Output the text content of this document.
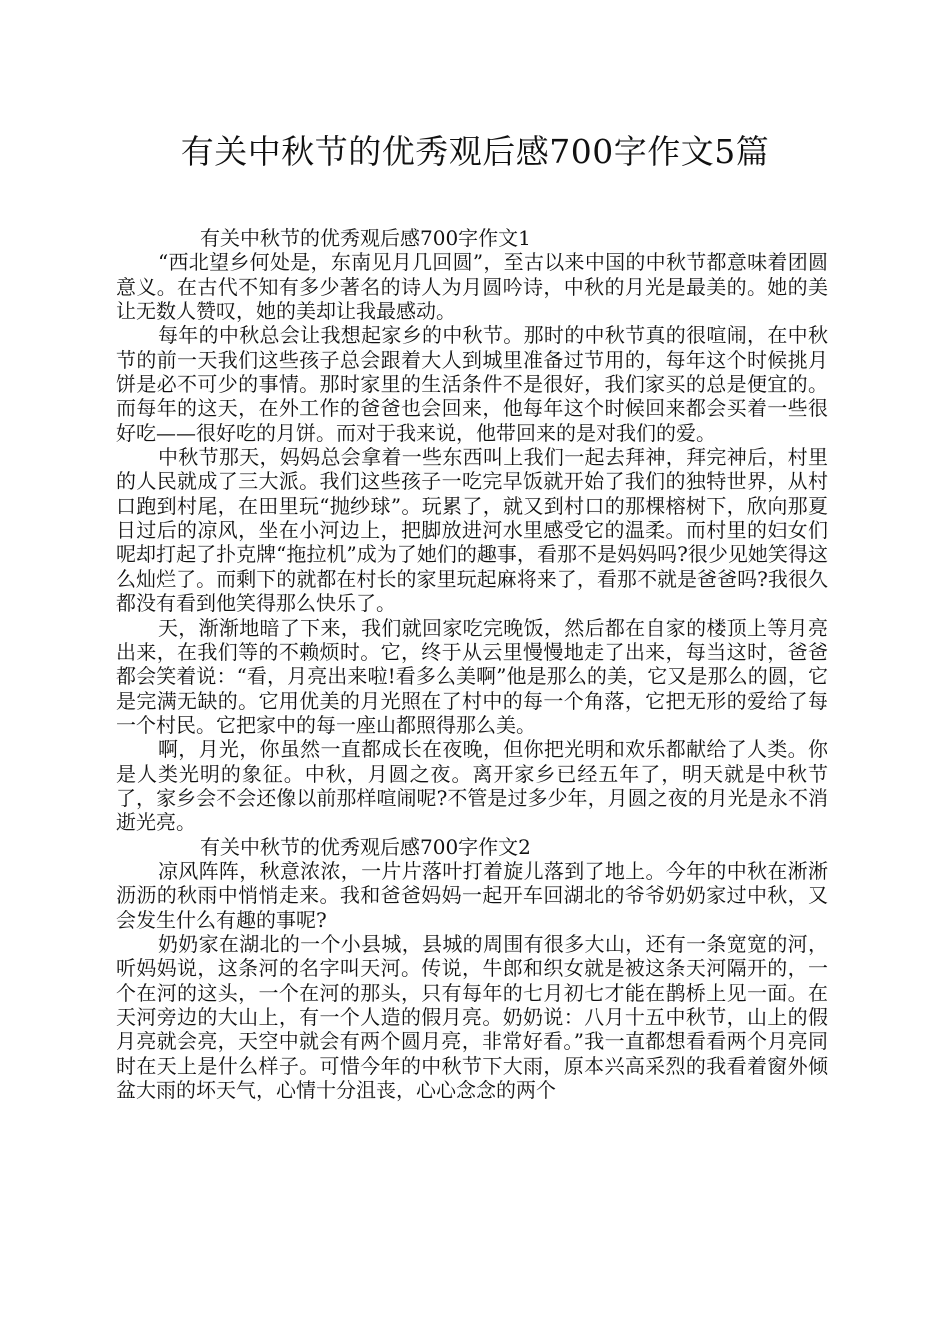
有关中秋节的优秀观后感700字作文5篇

有关中秋节的优秀观后感700字作文1

“西北望乡何处是，东南见月几回圆”，至古以来中国的中秋节都意味着团圆意义。在古代不知有多少著名的诗人为月圆吟诗，中秋的月光是最美的。她的美让无数人赞叹，她的美却让我最感动。

每年的中秋总会让我想起家乡的中秋节。那时的中秋节真的很喧闹，在中秋节的前一天我们这些孩子总会跟着大人到城里准备过节用的，每年这个时候挑月饼是必不可少的事情。那时家里的生活条件不是很好，我们家买的总是便宜的。而每年的这天，在外工作的爸爸也会回来，他每年这个时候回来都会买着一些很好吃——很好吃的月饼。而对于我来说，他带回来的是对我们的爱。

中秋节那天，妈妈总会拿着一些东西叫上我们一起去拜神，拜完神后，村里的人民就成了三大派。我们这些孩子一吃完早饭就开始了我们的独特世界，从村口跑到村尾，在田里玩“抛纱球”。玩累了，就又到村口的那棵榕树下，欣向那夏日过后的凉风，坐在小河边上，把脚放进河水里感受它的温柔。而村里的妇女们呢却打起了扑克牌“拖拉机”成为了她们的趣事，看那不是妈妈吗?很少见她笑得这么灿烂了。而剩下的就都在村长的家里玩起麻将来了，看那不就是爸爸吗?我很久都没有看到他笑得那么快乐了。

天，渐渐地暗了下来，我们就回家吃完晚饭，然后都在自家的楼顶上等月亮出来，在我们等的不赖烦时。它，终于从云里慢慢地走了出来，每当这时，爸爸都会笑着说：“看，月亮出来啦!看多么美啊”他是那么的美，它又是那么的圆，它是完满无缺的。它用优美的月光照在了村中的每一个角落，它把无形的爱给了每一个村民。它把家中的每一座山都照得那么美。

啊，月光，你虽然一直都成长在夜晚，但你把光明和欢乐都献给了人类。你是人类光明的象征。中秋，月圆之夜。离开家乡已经五年了，明天就是中秋节了，家乡会不会还像以前那样喧闹呢?不管是过多少年，月圆之夜的月光是永不消逝光亮。

有关中秋节的优秀观后感700字作文2

凉风阵阵，秋意浓浓，一片片落叶打着旋儿落到了地上。今年的中秋在淅淅沥沥的秋雨中悄悄走来。我和爸爸妈妈一起开车回湖北的爷爷奶奶家过中秋，又会发生什么有趣的事呢?

奶奶家在湖北的一个小县城，县城的周围有很多大山，还有一条宽宽的河，听妈妈说，这条河的名字叫天河。传说，牛郎和织女就是被这条天河隔开的，一个在河的这头，一个在河的那头，只有每年的七月初七才能在鹊桥上见一面。在天河旁边的大山上，有一个人造的假月亮。奶奶说：八月十五中秋节，山上的假月亮就会亮，天空中就会有两个圆月亮，非常好看。”我一直都想看看两个月亮同时在天上是什么样子。可惜今年的中秋节下大雨，原本兴高采烈的我看着窗外倾盆大雨的坏天气，心情十分沮丧，心心念念的两个
